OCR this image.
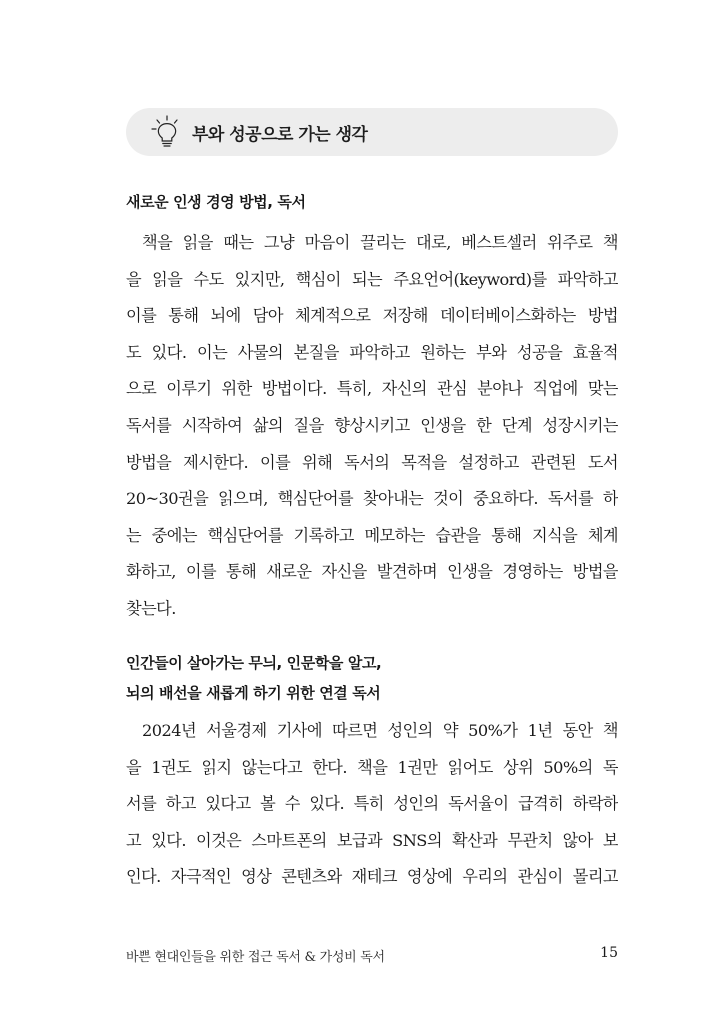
부와 성공으로 가는 생각
새로운 인생 경영 방법, 독서
책을 읽을 때는 그냥 마음이 끌리는 대로, 베스트셀러 위주로 책
을 읽을 수도 있지만, 핵심이 되는 주요언어(keyword)를 파악하고
이를 통해 뇌에 담아 체계적으로 저장해 데이터베이스화하는 방법
도 있다. 이는 사물의 본질을 파악하고 원하는 부와 성공을 효율적
으로 이루기 위한 방법이다. 특히, 자신의 관심 분야나 직업에 맞는
독서를 시작하여 삶의 질을 향상시키고 인생을 한 단계 성장시키는
방법을 제시한다. 이를 위해 독서의 목적을 설정하고 관련된 도서
20~30권을 읽으며, 핵심단어를 찾아내는 것이 중요하다. 독서를 하
는 중에는 핵심단어를 기록하고 메모하는 습관을 통해 지식을 체계
화하고, 이를 통해 새로운 자신을 발견하며 인생을 경영하는 방법을
찾는다.
인간들이 살아가는 무늬, 인문학을 알고,
뇌의 배선을 새롭게 하기 위한 연결 독서
2024년 서울경제 기사에 따르면 성인의 약 50%가 1년 동안 책
을 1권도 읽지 않는다고 한다. 책을 1권만 읽어도 상위 50%의 독
서를 하고 있다고 볼 수 있다. 특히 성인의 독서율이 급격히 하락하
고 있다. 이것은 스마트폰의 보급과 SNS의 확산과 무관치 않아 보
인다. 자극적인 영상 콘텐츠와 재테크 영상에 우리의 관심이 몰리고
바쁜 현대인들을 위한 접근 독서 & 가성비 독서	15
